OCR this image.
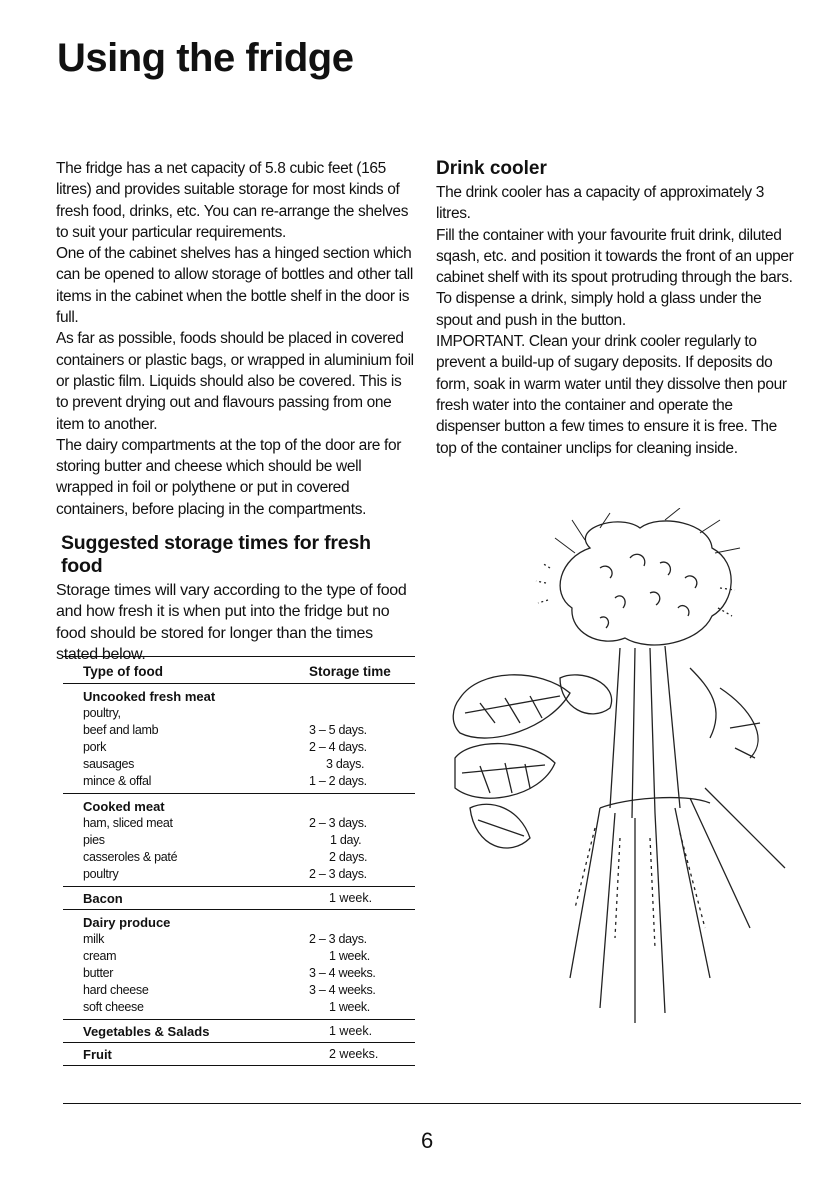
Using the fridge

The fridge has a net capacity of 5.8 cubic feet (165 litres) and provides suitable storage for most kinds of fresh food, drinks, etc. You can re-arrange the shelves to suit your particular requirements.

One of the cabinet shelves has a hinged section which can be opened to allow storage of bottles and other tall items in the cabinet when the bottle shelf in the door is full.

As far as possible, foods should be placed in covered containers or plastic bags, or wrapped in aluminium foil or plastic film. Liquids should also be covered. This is to prevent drying out and flavours passing from one item to another.

The dairy compartments at the top of the door are for storing butter and cheese which should be well wrapped in foil or polythene or put in covered containers, before placing in the compartments.

Suggested storage times for fresh food

Storage times will vary according to the type of food and how fresh it is when put into the fridge but no food should be stored for longer than the times stated below.

Type of food	Storage time
Uncooked fresh meat
poultry,
beef and lamb	3 – 5 days.
pork	2 – 4 days.
sausages	3 days.
mince & offal	1 – 2 days.
Cooked meat
ham, sliced meat	2 – 3 days.
pies	1 day.
casseroles & paté	2 days.
poultry	2 – 3 days.
Bacon	1 week.
Dairy produce
milk	2 – 3 days.
cream	1 week.
butter	3 – 4 weeks.
hard cheese	3 – 4 weeks.
soft cheese	1 week.
Vegetables & Salads	1 week.
Fruit	2 weeks.
Drink cooler

The drink cooler has a capacity of approximately 3 litres.

Fill the container with your favourite fruit drink, diluted sqash, etc. and position it towards the front of an upper cabinet shelf with its spout protruding through the bars.

To dispense a drink, simply hold a glass under the spout and push in the button.

IMPORTANT. Clean your drink cooler regularly to prevent a build-up of sugary deposits. If deposits do form, soak in warm water until they dissolve then pour fresh water into the container and operate the dispenser button a few times to ensure it is free. The top of the container unclips for cleaning inside.

6
